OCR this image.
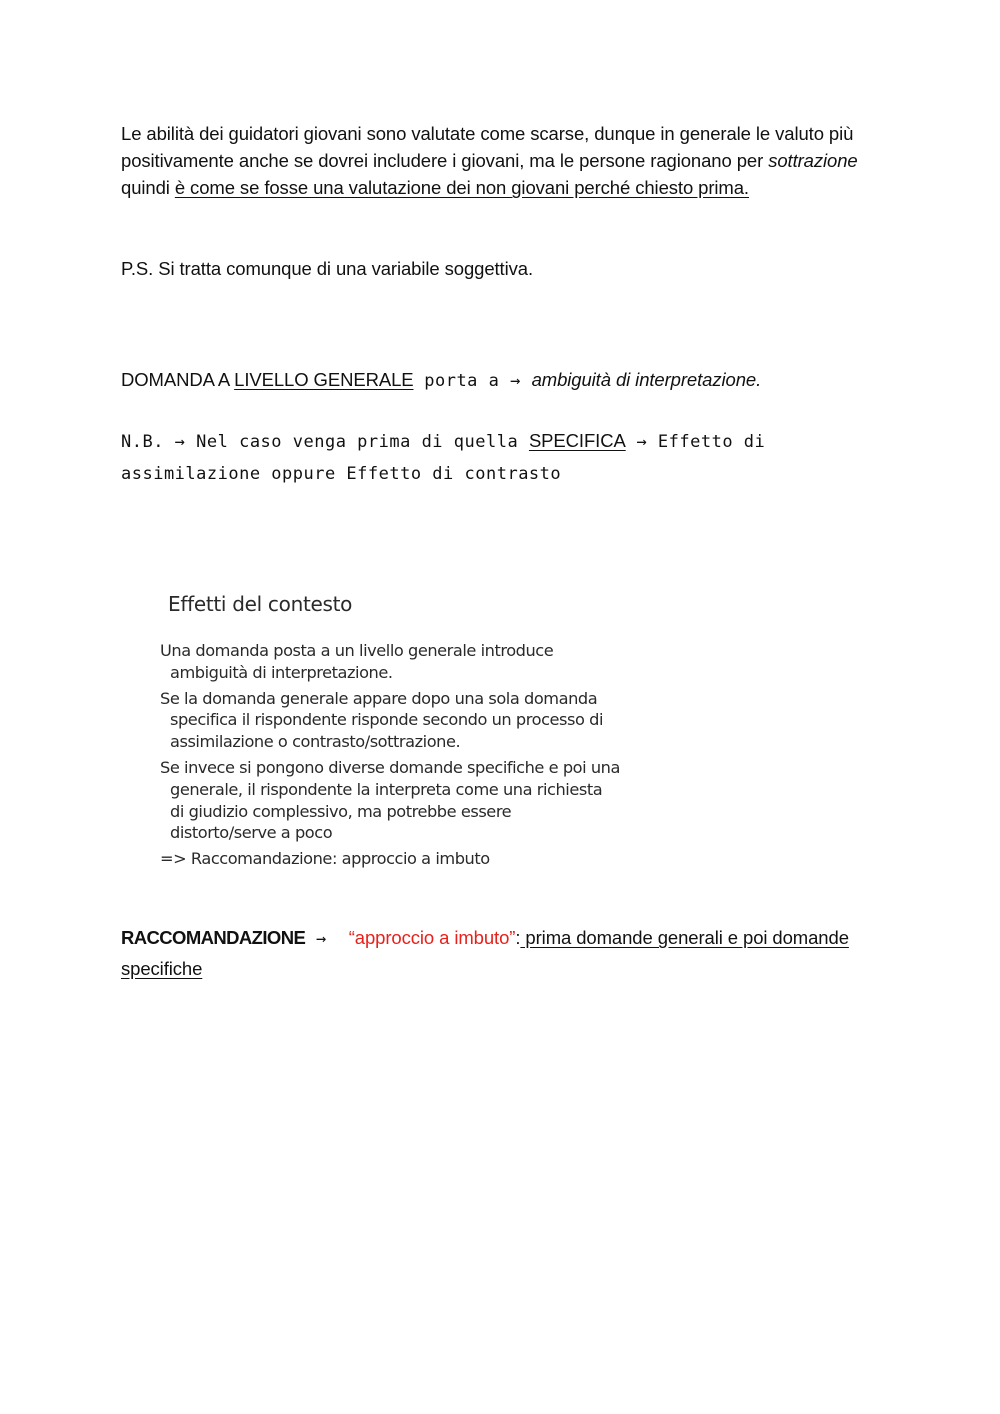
Le abilità dei guidatori giovani sono valutate come scarse, dunque in generale le valuto più positivamente anche se dovrei includere i giovani, ma le persone ragionano per sottrazione quindi è come se fosse una valutazione dei non giovani perché chiesto prima.
P.S. Si tratta comunque di una variabile soggettiva.
DOMANDA A LIVELLO GENERALE porta a → ambiguità di interpretazione.
N.B. → Nel caso venga prima di quella SPECIFICA → Effetto di assimilazione oppure Effetto di contrasto
Effetti del contesto
Una domanda posta a un livello generale introduce ambiguità di interpretazione.
Se la domanda generale appare dopo una sola domanda specifica il rispondente risponde secondo un processo di assimilazione o contrasto/sottrazione.
Se invece si pongono diverse domande specifiche e poi una generale, il rispondente la interpreta come una richiesta di giudizio complessivo, ma potrebbe essere distorto/serve a poco
=> Raccomandazione: approccio a imbuto
RACCOMANDAZIONE → “approccio a imbuto”: prima domande generali e poi domande specifiche
